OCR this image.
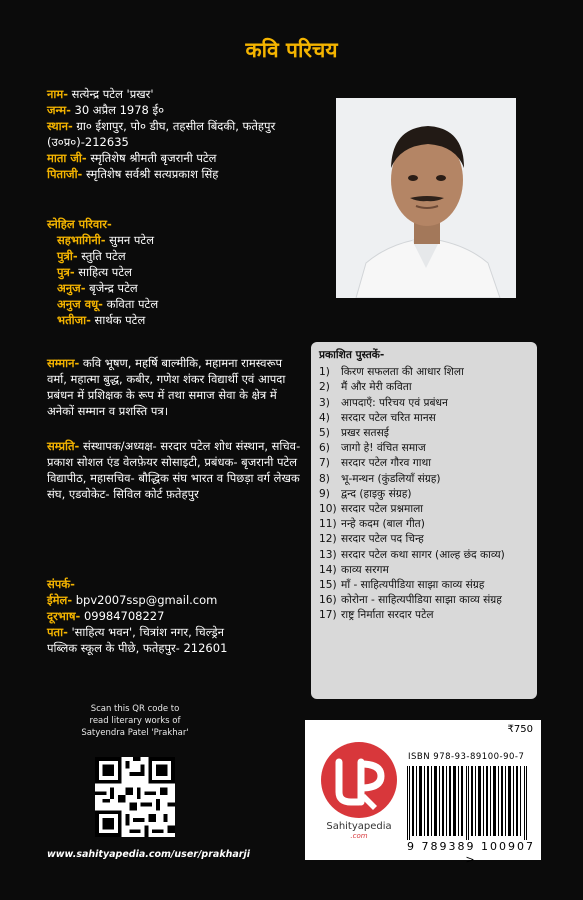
कवि परिचय
नाम- सत्येन्द्र पटेल 'प्रखर'
जन्म- 30 अप्रैल 1978 ई०
स्थान- ग्रा० ईशापुर, पो० डीघ, तहसील बिंदकी, फतेहपुर (उ०प्र०)-212635
माता जी- स्मृतिशेष श्रीमती बृजरानी पटेल
पिताजी- स्मृतिशेष सर्वश्री सत्यप्रकाश सिंह
स्नेहिल परिवार-
सहभागिनी- सुमन पटेल
पुत्री- स्तुति पटेल
पुत्र- साहित्य पटेल
अनुज- बृजेन्द्र पटेल
अनुज वधू- कविता पटेल
भतीजा- सार्थक पटेल
सम्मान- कवि भूषण, महर्षि बाल्मीकि, महामना रामस्वरूप वर्मा, महात्मा बुद्ध, कबीर, गणेश शंकर विद्यार्थी एवं आपदा प्रबंधन में प्रशिक्षक के रूप में तथा समाज सेवा के क्षेत्र में अनेकों सम्मान व प्रशस्ति पत्र।
सम्प्रति- संस्थापक/अध्यक्ष- सरदार पटेल शोध संस्थान, सचिव- प्रकाश सोशल एंड वेलफ़ेयर सोसाइटी, प्रबंधक- बृजरानी पटेल विद्यापीठ, महासचिव- बौद्धिक संघ भारत व पिछड़ा वर्ग लेखक संघ, एडवोकेट- सिविल कोर्ट फ़तेहपुर
संपर्क-
ईमेल- bpv2007ssp@gmail.com
दूरभाष- 09984708227
पता- 'साहित्य भवन', चित्रांश नगर, चिल्ड्रेन पब्लिक स्कूल के पीछे, फतेहपुर- 212601
प्रकाशित पुस्तकें-
1)	किरण सफलता की आधार शिला
2)	मैं और मेरी कविता
3)	आपदाएँ: परिचय एवं प्रबंधन
4)	सरदार पटेल चरित मानस
5)	प्रखर सतसई
6)	जागो हे! वंचित समाज
7)	सरदार पटेल गौरव गाथा
8)	भू-मन्थन (कुंडलियाँ संग्रह)
9)	द्वन्द (हाइकु संग्रह)
10) सरदार पटेल प्रश्नमाला
11) नन्हे कदम (बाल गीत)
12) सरदार पटेल पद चिन्ह
13) सरदार पटेल कथा सागर (आल्ह छंद काव्य)
14) काव्य सरगम
15) माँ - साहित्यपीडिया साझा काव्य संग्रह
16) कोरोना - साहित्यपीडिया साझा काव्य संग्रह
17) राष्ट्र निर्माता सरदार पटेल
Scan this QR code to read literary works of Satyendra Patel 'Prakhar'
www.sahityapedia.com/user/prakharji
₹750
ISBN 978-93-89100-90-7
Sahityapedia
.com
9 789389 100907 >
